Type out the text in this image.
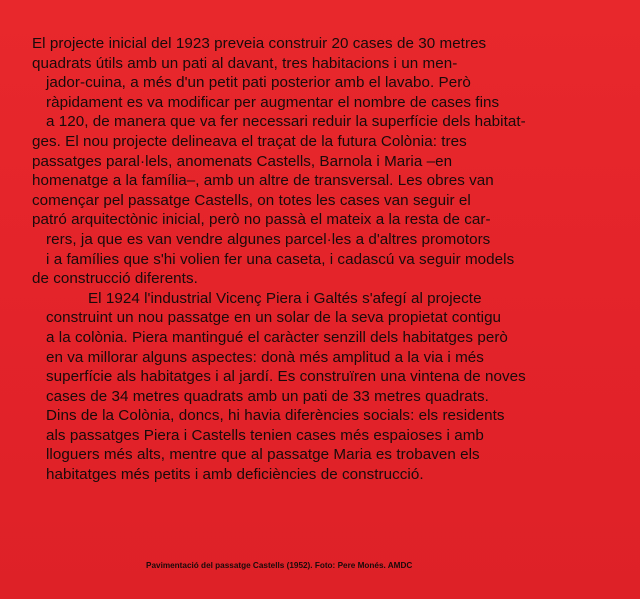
El projecte inicial del 1923 preveia construir 20 cases de 30 metres
quadrats útils amb un pati al davant, tres habitacions i un men-
jador-cuina, a més d'un petit pati posterior amb el lavabo. Però
ràpidament es va modificar per augmentar el nombre de cases fins
a 120, de manera que va fer necessari reduir la superfície dels habitat-
ges. El nou projecte delineava el traçat de la futura Colònia: tres
passatges paral·lels, anomenats Castells, Barnola i Maria –en
homenatge a la família–, amb un altre de transversal. Les obres van
començar pel passatge Castells, on totes les cases van seguir el
patró arquitectònic inicial, però no passà el mateix a la resta de car-
rers, ja que es van vendre algunes parcel·les a d'altres promotors
i a famílies que s'hi volien fer una caseta, i cadascú va seguir models
de construcció diferents.
El 1924 l'industrial Vicenç Piera i Galtés s'afegí al projecte
construint un nou passatge en un solar de la seva propietat contigu
a la colònia. Piera mantingué el caràcter senzill dels habitatges però
en va millorar alguns aspectes: donà més amplitud a la via i més
superfície als habitatges i al jardí. Es construïren una vintena de noves
cases de 34 metres quadrats amb un pati de 33 metres quadrats.
Dins de la Colònia, doncs, hi havia diferències socials: els residents
als passatges Piera i Castells tenien cases més espaioses i amb
lloguers més alts, mentre que al passatge Maria es trobaven els
habitatges més petits i amb deficiències de construcció.
Pavimentació del passatge Castells (1952). Foto: Pere Monés. AMDC
